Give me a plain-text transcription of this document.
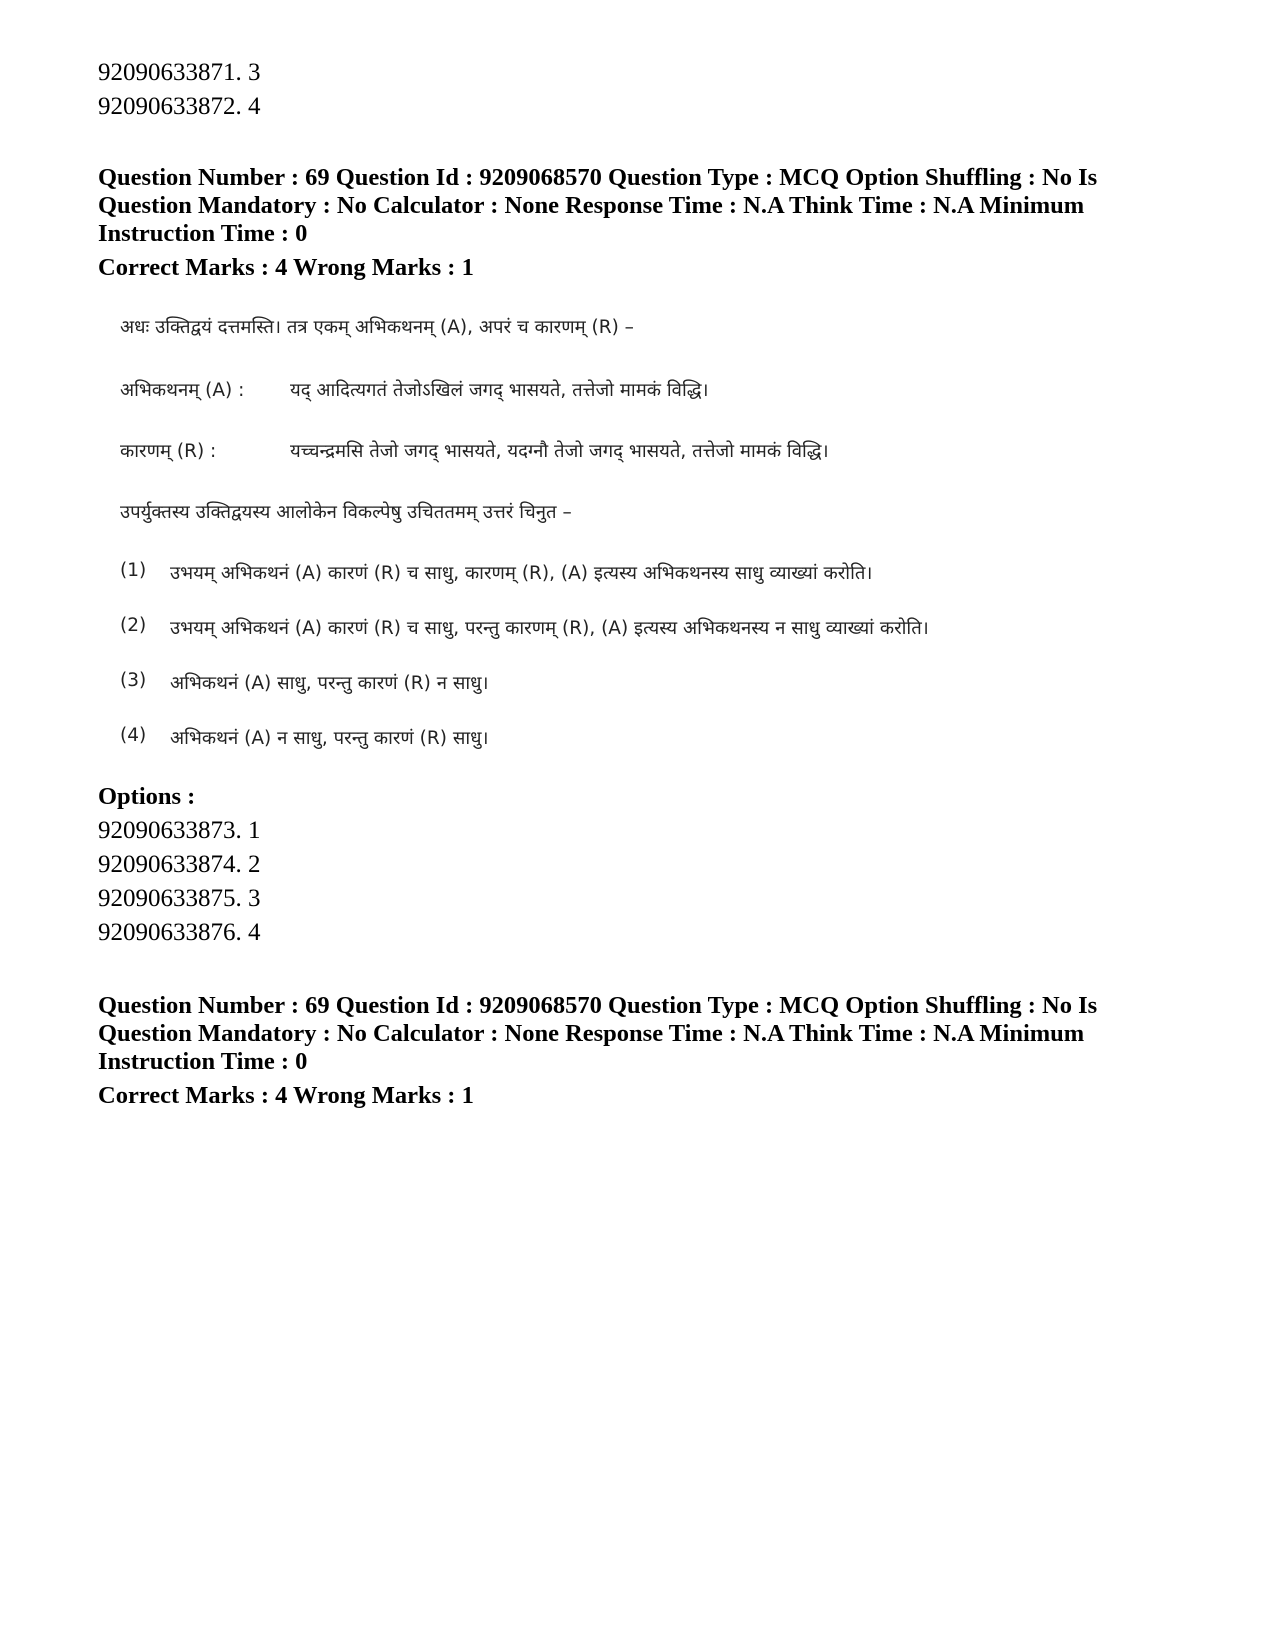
92090633871. 3

92090633872. 4

Question Number : 69 Question Id : 9209068570 Question Type : MCQ Option Shuffling : No Is Question Mandatory : No Calculator : None Response Time : N.A Think Time : N.A Minimum Instruction Time : 0

Correct Marks : 4 Wrong Marks : 1

अधः उक्तिद्वयं दत्तमस्ति। तत्र एकम् अभिकथनम् (A), अपरं च कारणम् (R) –

अभिकथनम् (A) :	यद् आदित्यगतं तेजोऽखिलं जगद् भासयते, तत्तेजो मामकं विद्धि।
कारणम् (R) :	यच्चन्द्रमसि तेजो जगद् भासयते, यदग्नौ तेजो जगद् भासयते, तत्तेजो मामकं विद्धि।

उपर्युक्तस्य उक्तिद्वयस्य आलोकेन विकल्पेषु उचिततमम् उत्तरं चिनुत –

(1)	उभयम् अभिकथनं (A) कारणं (R) च साधु, कारणम् (R), (A) इत्यस्य अभिकथनस्य साधु व्याख्यां करोति।
(2)	उभयम् अभिकथनं (A) कारणं (R) च साधु, परन्तु कारणम् (R), (A) इत्यस्य अभिकथनस्य न साधु व्याख्यां करोति।
(3)	अभिकथनं (A) साधु, परन्तु कारणं (R) न साधु।
(4)	अभिकथनं (A) न साधु, परन्तु कारणं (R) साधु।
Options :

92090633873. 1

92090633874. 2

92090633875. 3

92090633876. 4

Question Number : 69 Question Id : 9209068570 Question Type : MCQ Option Shuffling : No Is Question Mandatory : No Calculator : None Response Time : N.A Think Time : N.A Minimum Instruction Time : 0

Correct Marks : 4 Wrong Marks : 1
